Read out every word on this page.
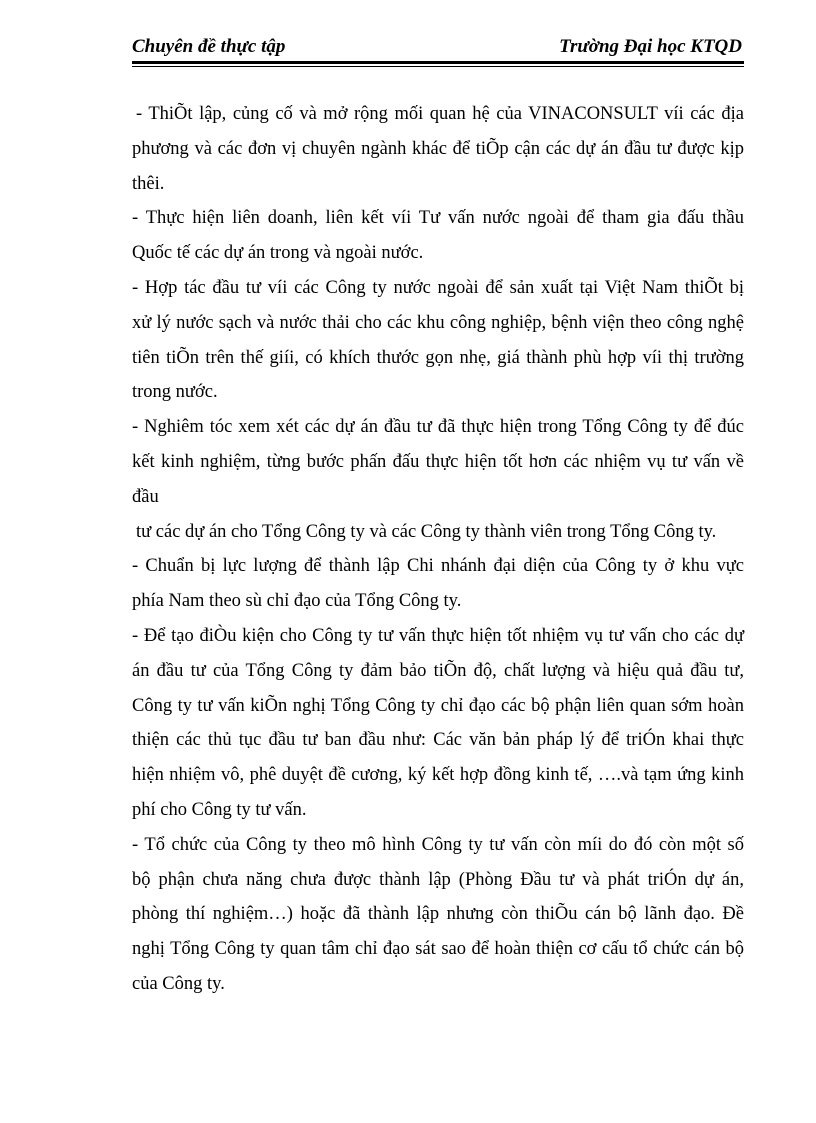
Chuyên đề thực tập	Trường Đại học KTQD
- ThiÕt lập, củng cố và mở rộng mối quan hệ của VINACONSULT víi các địa
phương và các đơn vị chuyên ngành khác để tiÕp cận các dự án đầu tư được kịp
thêi.
- Thực hiện liên doanh, liên kết víi Tư vấn nước ngoài để tham gia đấu thầu
Quốc tế các dự án trong và ngoài nước.
- Hợp tác đầu tư víi các Công ty nước ngoài để sản xuất tại Việt Nam thiÕt bị
xử lý nước sạch và nước thải cho các khu công nghiệp, bệnh viện theo công nghệ
tiên tiÕn trên thế giíi, có khích thước gọn nhẹ, giá thành phù hợp víi thị trường
trong nước.
- Nghiêm tóc xem xét các dự án đầu tư đã thực hiện trong Tổng Công ty để đúc
kết kinh nghiệm, từng bước phấn đấu thực hiện tốt hơn các nhiệm vụ tư vấn về
đầu
tư các dự án cho Tổng Công ty và các Công ty thành viên trong Tổng Công ty.
- Chuẩn bị lực lượng để thành lập Chi nhánh đại diện của Công ty ở khu vực
phía Nam theo sù chỉ đạo của Tổng Công ty.
- Để tạo điÒu kiện cho Công ty tư vấn thực hiện tốt nhiệm vụ tư vấn cho các dự
án đầu tư của Tổng Công ty đảm bảo tiÕn độ, chất lượng và hiệu quả đầu tư,
Công ty tư vấn kiÕn nghị Tổng Công ty chỉ đạo các bộ phận liên quan sớm hoàn
thiện các thủ tục đầu tư ban đầu như: Các văn bản pháp lý để triÓn khai thực
hiện nhiệm vô, phê duyệt đề cương, ký kết hợp đồng kinh tế, ….và tạm ứng kinh
phí cho Công ty tư vấn.
- Tổ chức của Công ty theo mô hình Công ty tư vấn còn míi do đó còn một số
bộ phận chưa năng chưa được thành lập (Phòng Đầu tư và phát triÓn dự án,
phòng thí nghiệm…) hoặc đã thành lập nhưng còn thiÕu cán bộ lãnh đạo. Đề
nghị Tổng Công ty quan tâm chỉ đạo sát sao để hoàn thiện cơ cấu tổ chức cán bộ
của Công ty.
